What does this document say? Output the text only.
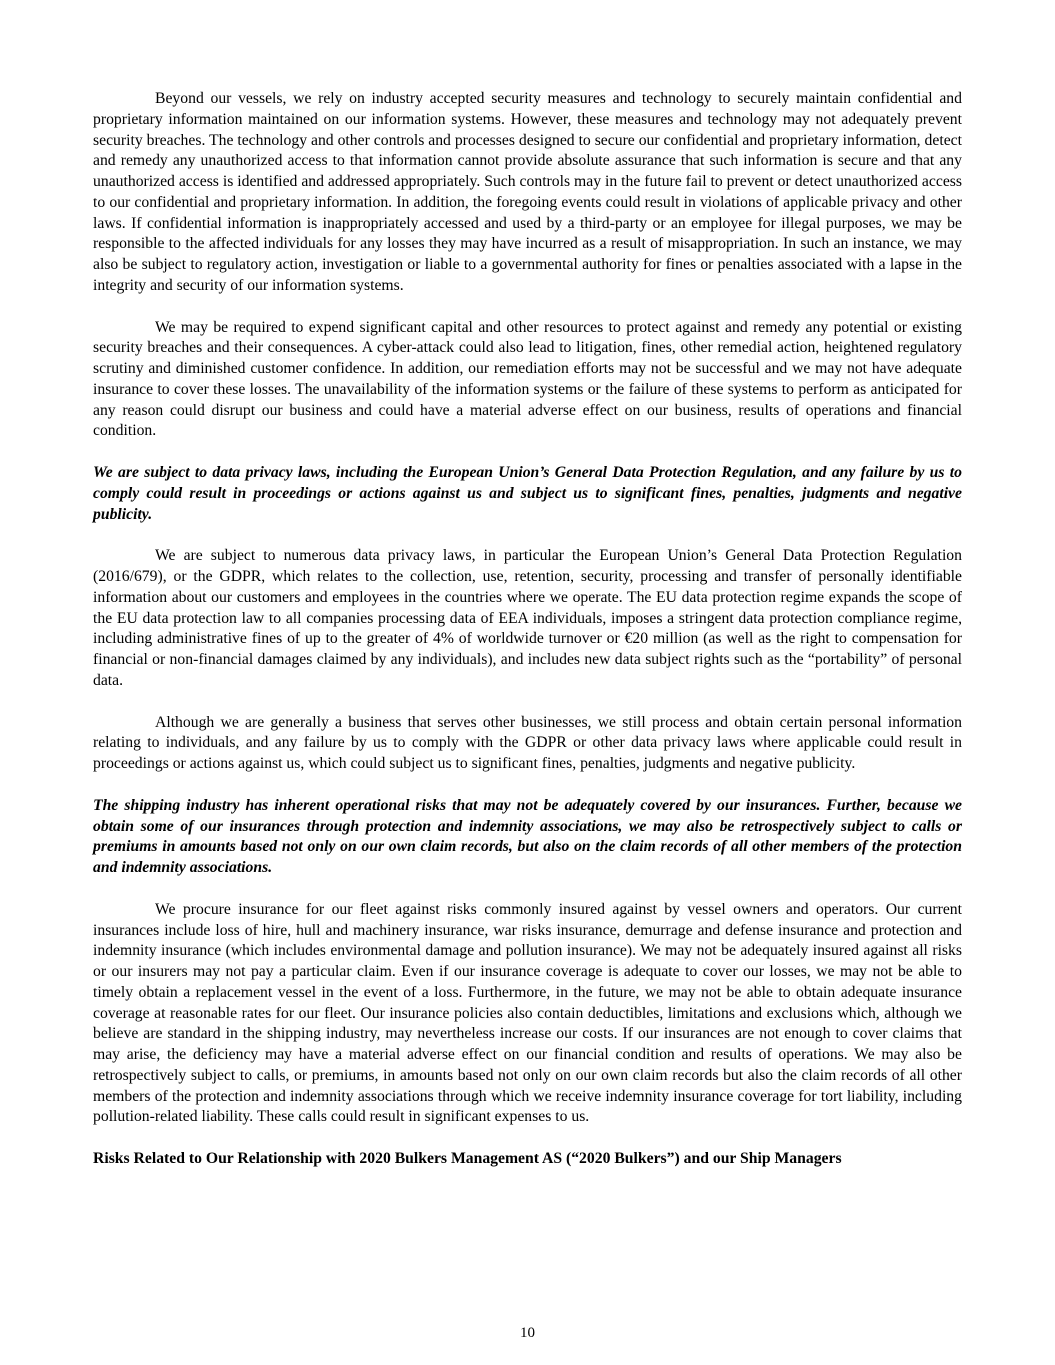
Beyond our vessels, we rely on industry accepted security measures and technology to securely maintain confidential and proprietary information maintained on our information systems. However, these measures and technology may not adequately prevent security breaches. The technology and other controls and processes designed to secure our confidential and proprietary information, detect and remedy any unauthorized access to that information cannot provide absolute assurance that such information is secure and that any unauthorized access is identified and addressed appropriately. Such controls may in the future fail to prevent or detect unauthorized access to our confidential and proprietary information. In addition, the foregoing events could result in violations of applicable privacy and other laws. If confidential information is inappropriately accessed and used by a third-party or an employee for illegal purposes, we may be responsible to the affected individuals for any losses they may have incurred as a result of misappropriation. In such an instance, we may also be subject to regulatory action, investigation or liable to a governmental authority for fines or penalties associated with a lapse in the integrity and security of our information systems.

We may be required to expend significant capital and other resources to protect against and remedy any potential or existing security breaches and their consequences. A cyber-attack could also lead to litigation, fines, other remedial action, heightened regulatory scrutiny and diminished customer confidence. In addition, our remediation efforts may not be successful and we may not have adequate insurance to cover these losses. The unavailability of the information systems or the failure of these systems to perform as anticipated for any reason could disrupt our business and could have a material adverse effect on our business, results of operations and financial condition.

We are subject to data privacy laws, including the European Union’s General Data Protection Regulation, and any failure by us to comply could result in proceedings or actions against us and subject us to significant fines, penalties, judgments and negative publicity.

We are subject to numerous data privacy laws, in particular the European Union’s General Data Protection Regulation (2016/679), or the GDPR, which relates to the collection, use, retention, security, processing and transfer of personally identifiable information about our customers and employees in the countries where we operate. The EU data protection regime expands the scope of the EU data protection law to all companies processing data of EEA individuals, imposes a stringent data protection compliance regime, including administrative fines of up to the greater of 4% of worldwide turnover or €20 million (as well as the right to compensation for financial or non-financial damages claimed by any individuals), and includes new data subject rights such as the “portability” of personal data.

Although we are generally a business that serves other businesses, we still process and obtain certain personal information relating to individuals, and any failure by us to comply with the GDPR or other data privacy laws where applicable could result in proceedings or actions against us, which could subject us to significant fines, penalties, judgments and negative publicity.

The shipping industry has inherent operational risks that may not be adequately covered by our insurances. Further, because we obtain some of our insurances through protection and indemnity associations, we may also be retrospectively subject to calls or premiums in amounts based not only on our own claim records, but also on the claim records of all other members of the protection and indemnity associations.

We procure insurance for our fleet against risks commonly insured against by vessel owners and operators. Our current insurances include loss of hire, hull and machinery insurance, war risks insurance, demurrage and defense insurance and protection and indemnity insurance (which includes environmental damage and pollution insurance). We may not be adequately insured against all risks or our insurers may not pay a particular claim. Even if our insurance coverage is adequate to cover our losses, we may not be able to timely obtain a replacement vessel in the event of a loss. Furthermore, in the future, we may not be able to obtain adequate insurance coverage at reasonable rates for our fleet. Our insurance policies also contain deductibles, limitations and exclusions which, although we believe are standard in the shipping industry, may nevertheless increase our costs. If our insurances are not enough to cover claims that may arise, the deficiency may have a material adverse effect on our financial condition and results of operations. We may also be retrospectively subject to calls, or premiums, in amounts based not only on our own claim records but also the claim records of all other members of the protection and indemnity associations through which we receive indemnity insurance coverage for tort liability, including pollution-related liability. These calls could result in significant expenses to us.

Risks Related to Our Relationship with 2020 Bulkers Management AS (“2020 Bulkers”) and our Ship Managers

10
